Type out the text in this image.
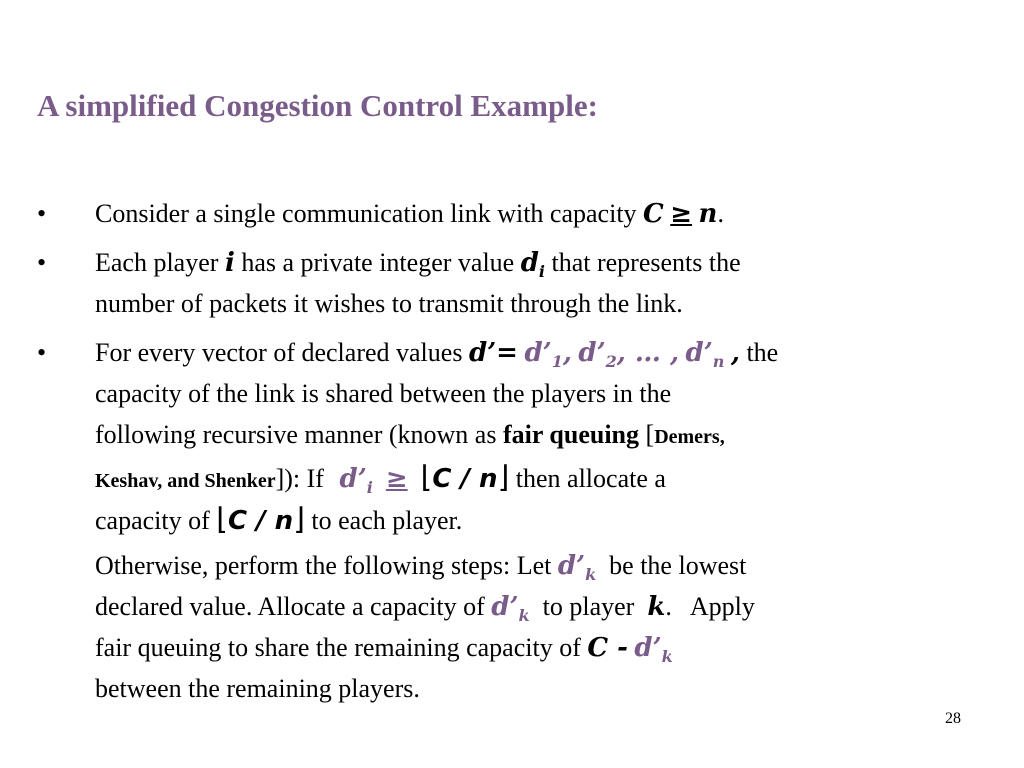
A simplified Congestion Control Example:
• Consider a single communication link with capacity C ≥ n.
• Each player i has a private integer value $d_i$ that represents the
number of packets it wishes to transmit through the link.
• For every vector of declared values d’= $d’_1$, $d’_2$, … , $d’_n$ , the
capacity of the link is shared between the players in the
following recursive manner (known as fair queuing [Demers,
Keshav, and Shenker]): If $d’_i$ ≥ ⌊C / n⌋ then allocate a
capacity of ⌊C / n⌋ to each player.
Otherwise, perform the following steps: Let $d’_k$ be the lowest
declared value. Allocate a capacity of $d’_k$ to player k.   Apply
fair queuing to share the remaining capacity of C - $d’_k$
between the remaining players.
28
